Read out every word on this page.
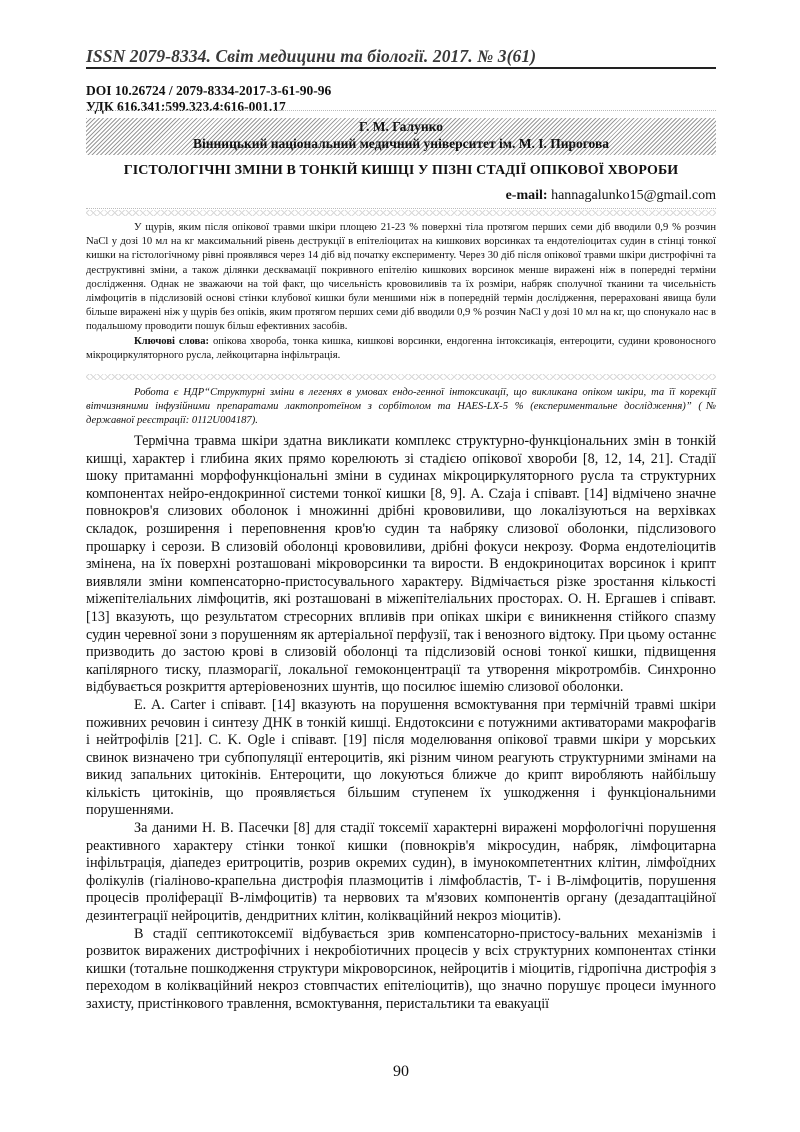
ISSN 2079-8334. Світ медицини та біології. 2017. № 3(61)
DOI 10.26724 / 2079-8334-2017-3-61-90-96
УДК 616.341:599.323.4:616-001.17
Г. М. Галунко
Вінницький національний медичний університет ім. М. І. Пирогова
ГІСТОЛОГІЧНІ ЗМІНИ В ТОНКІЙ КИШЦІ У ПІЗНІ СТАДІЇ ОПІКОВОЇ ХВОРОБИ
e-mail: hannagalunko15@gmail.com

У щурів, яким після опікової травми шкіри площею 21-23 % поверхні тіла протягом перших семи діб вводили 0,9 % розчин NaCl у дозі 10 мл на кг максимальний рівень деструкції в епітеліоцитах на кишкових ворсинках та ендотеліоцитах судин в стінці тонкої кишки на гістологічному рівні проявлявся через 14 діб від початку експерименту. Через 30 діб після опікової травми шкіри дистрофічні та деструктивні зміни, а також ділянки десквамації покривного епітелію кишкових ворсинок менше виражені ніж в попередні терміни дослідження. Однак не зважаючи на той факт, що чисельність крововиливів та їх розміри, набряк сполучної тканини та чисельність лімфоцитів в підслизовій основі стінки клубової кишки були меншими ніж в попередній термін дослідження, перераховані явища були більше виражені ніж у щурів без опіків, яким протягом перших семи діб вводили 0,9 % розчин NaCl у дозі 10 мл на кг, що спонукало нас в подальшому проводити пошук більш ефективних засобів.

Ключові слова: опікова хвороба, тонка кишка, кишкові ворсинки, ендогенна інтоксикація, ентероцити, судини кровоносного мікроциркуляторного русла, лейкоцитарна інфільтрація.

Робота є НДР“Структурні зміни в легенях в умовах ендо-генної інтоксикації, що викликана опіком шкіри, та її корекції вітчизняними інфузійними препаратами лактопротеїном з сорбітолом та HAES-LX-5 % (експериментальне дослідження)” (№ державної реєстрації: 0112U004187).

Термічна травма шкіри здатна викликати комплекс структурно-функціональних змін в тонкій кишці, характер і глибина яких прямо корелюють зі стадією опікової хвороби [8, 12, 14, 21]. Стадії шоку притаманні морфофункціональні зміни в судинах мікроциркуляторного русла та структурних компонентах нейро-ендокринної системи тонкої кишки [8, 9]. A. Czaja і співавт. [14] відмічено значне повнокров'я слизових оболонок і множинні дрібні крововиливи, що локалізуються на верхівках складок, розширення і переповнення кров'ю судин та набряку слизової оболонки, підслизового прошарку і серози. В слизовій оболонці крововиливи, дрібні фокуси некрозу. Форма ендотеліоцитів змінена, на їх поверхні розташовані мікроворсинки та вирости. В ендокриноцитах ворсинок і крипт виявляли зміни компенсаторно-пристосувального характеру. Відмічається різке зростання кількості міжепітеліальних лімфоцитів, які розташовані в міжепітеліальних просторах. О. Н. Ергашев і співавт. [13] вказують, що результатом стресорних впливів при опіках шкіри є виникнення стійкого спазму судин черевної зони з порушенням як артеріальної перфузії, так і венозного відтоку. При цьому останнє призводить до застою крові в слизовій оболонці та підслизовій основі тонкої кишки, підвищення капілярного тиску, плазморагії, локальної гемоконцентрації та утворення мікротромбів. Синхронно відбувається розкриття артеріовенозних шунтів, що посилює ішемію слизової оболонки.

E. A. Carter і співавт. [14] вказують на порушення всмоктування при термічній травмі шкіри поживних речовин і синтезу ДНК в тонкій кишці. Ендотоксини є потужними активаторами макрофагів і нейтрофілів [21]. C. K. Ogle і співавт. [19] після моделювання опікової травми шкіри у морських свинок визначено три субпопуляції ентероцитів, які різним чином реагують структурними змінами на викид запальних цитокінів. Ентероцити, що локуються ближче до крипт виробляють найбільшу кількість цитокінів, що проявляється більшим ступенем їх ушкодження і функціональними порушеннями.

За даними Н. В. Пасечки [8] для стадії токсемії характерні виражені морфологічні порушення реактивного характеру стінки тонкої кишки (повнокрів'я мікросудин, набряк, лімфоцитарна інфільтрація, діапедез еритроцитів, розрив окремих судин), в імунокомпетентних клітин, лімфоїдних фолікулів (гіаліново-крапельна дистрофія плазмоцитів і лімфобластів, Т- і В-лімфоцитів, порушення процесів проліферації В-лімфоцитів) та нервових та м'язових компонентів органу (дезадаптаційної дезинтеграції нейроцитів, дендритних клітин, колікваційний некроз міоцитів).

В стадії септикотоксемії відбувається зрив компенсаторно-пристосу-вальних механізмів і розвиток виражених дистрофічних і некробіотичних процесів у всіх структурних компонентах стінки кишки (тотальне пошкодження структури мікроворсинок, нейроцитів і міоцитів, гідропічна дистрофія з переходом в колікваційний некроз стовпчастих епітеліоцитів), що значно порушує процеси імунного захисту, пристінкового травлення, всмоктування, перистальтики та евакуації

90
